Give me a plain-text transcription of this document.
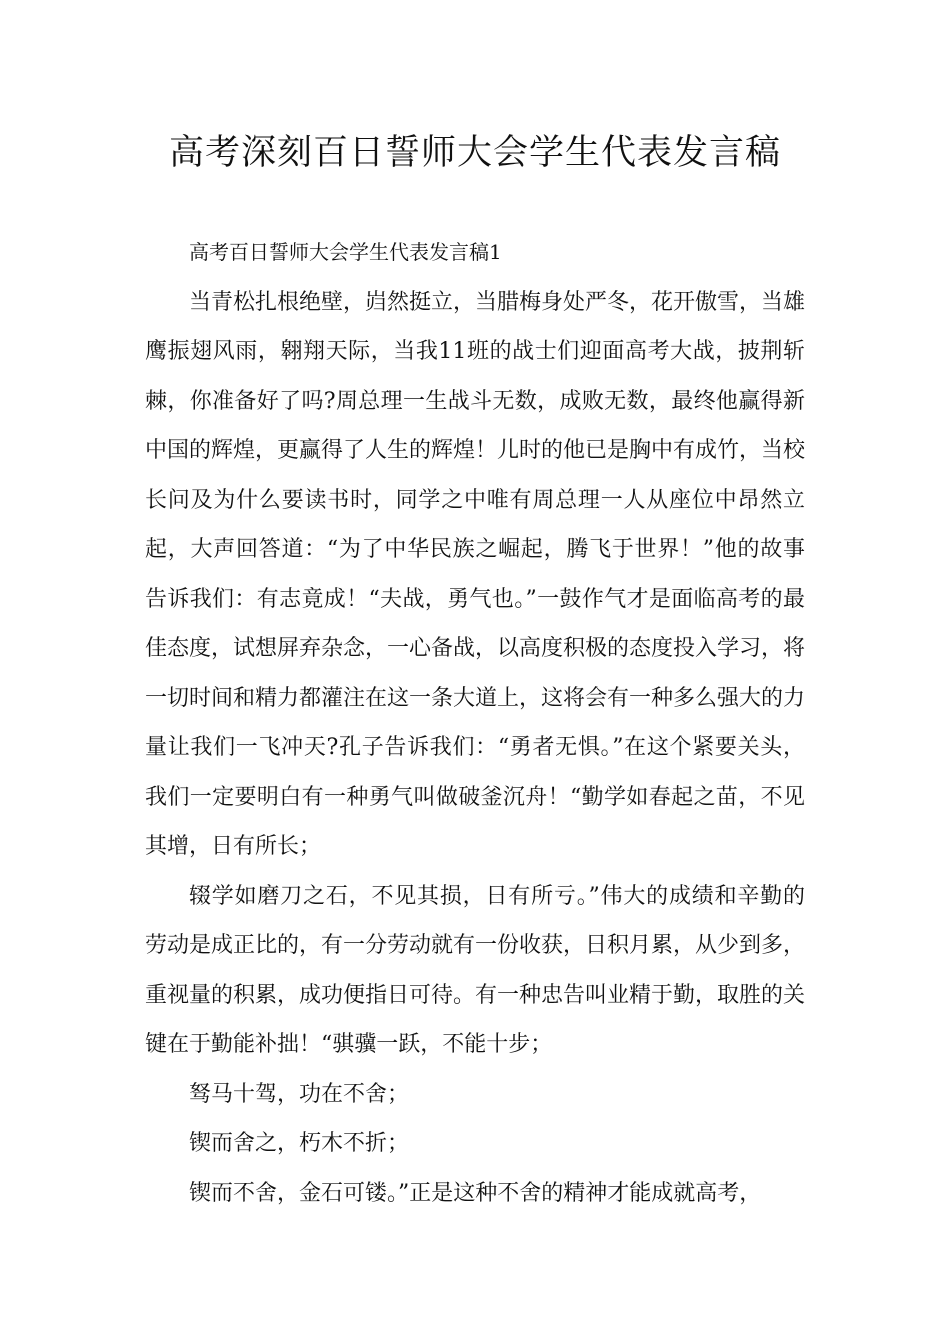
高考深刻百日誓师大会学生代表发言稿

高考百日誓师大会学生代表发言稿1

当青松扎根绝壁，岿然挺立，当腊梅身处严冬，花开傲雪，当雄鹰振翅风雨，翱翔天际，当我11班的战士们迎面高考大战，披荆斩棘，你准备好了吗?周总理一生战斗无数，成败无数，最终他赢得新中国的辉煌，更赢得了人生的辉煌！儿时的他已是胸中有成竹，当校长问及为什么要读书时，同学之中唯有周总理一人从座位中昂然立起，大声回答道：“为了中华民族之崛起，腾飞于世界！”他的故事告诉我们：有志竟成！“夫战，勇气也。”一鼓作气才是面临高考的最佳态度，试想屏弃杂念，一心备战，以高度积极的态度投入学习，将一切时间和精力都灌注在这一条大道上，这将会有一种多么强大的力量让我们一飞冲天?孔子告诉我们：“勇者无惧。”在这个紧要关头，我们一定要明白有一种勇气叫做破釜沉舟！“勤学如春起之苗，不见其增，日有所长；

辍学如磨刀之石，不见其损，日有所亏。”伟大的成绩和辛勤的劳动是成正比的，有一分劳动就有一份收获，日积月累，从少到多，重视量的积累，成功便指日可待。有一种忠告叫业精于勤，取胜的关键在于勤能补拙！“骐骥一跃，不能十步；

驽马十驾，功在不舍；

锲而舍之，朽木不折；

锲而不舍，金石可镂。”正是这种不舍的精神才能成就高考，
